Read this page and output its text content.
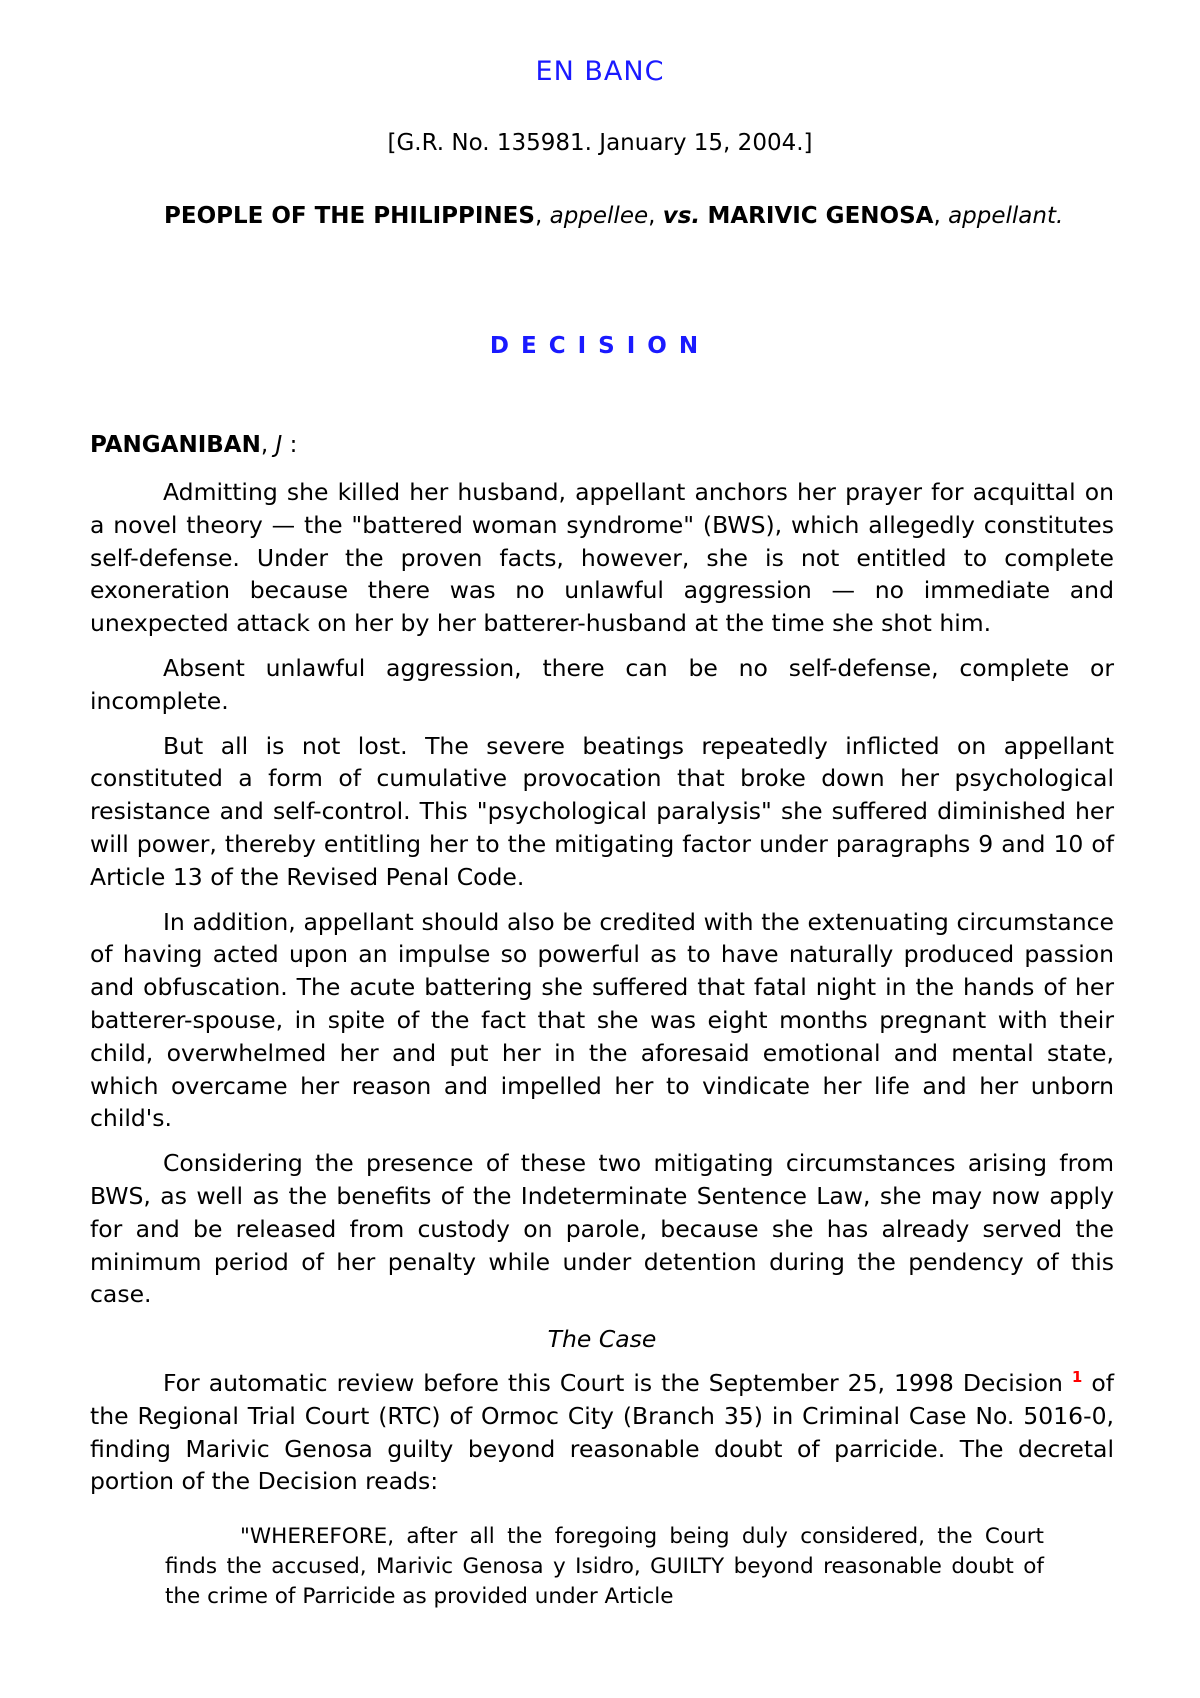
EN BANC

[G.R. No. 135981. January 15, 2004.]

PEOPLE OF THE PHILIPPINES, appellee, vs. MARIVIC GENOSA, appellant.

DECISION

PANGANIBAN, J :

Admitting she killed her husband, appellant anchors her prayer for acquittal on a novel theory — the "battered woman syndrome" (BWS), which allegedly constitutes self-defense. Under the proven facts, however, she is not entitled to complete exoneration because there was no unlawful aggression — no immediate and unexpected attack on her by her batterer-husband at the time she shot him.

Absent unlawful aggression, there can be no self-defense, complete or incomplete.

But all is not lost. The severe beatings repeatedly inflicted on appellant constituted a form of cumulative provocation that broke down her psychological resistance and self-control. This "psychological paralysis" she suffered diminished her will power, thereby entitling her to the mitigating factor under paragraphs 9 and 10 of Article 13 of the Revised Penal Code.

In addition, appellant should also be credited with the extenuating circumstance of having acted upon an impulse so powerful as to have naturally produced passion and obfuscation. The acute battering she suffered that fatal night in the hands of her batterer-spouse, in spite of the fact that she was eight months pregnant with their child, overwhelmed her and put her in the aforesaid emotional and mental state, which overcame her reason and impelled her to vindicate her life and her unborn child's.

Considering the presence of these two mitigating circumstances arising from BWS, as well as the benefits of the Indeterminate Sentence Law, she may now apply for and be released from custody on parole, because she has already served the minimum period of her penalty while under detention during the pendency of this case.

The Case

For automatic review before this Court is the September 25, 1998 Decision $^1$ of the Regional Trial Court (RTC) of Ormoc City (Branch 35) in Criminal Case No. 5016-0, finding Marivic Genosa guilty beyond reasonable doubt of parricide. The decretal portion of the Decision reads:

"WHEREFORE, after all the foregoing being duly considered, the Court finds the accused, Marivic Genosa y Isidro, GUILTY beyond reasonable doubt of the crime of Parricide as provided under Article
